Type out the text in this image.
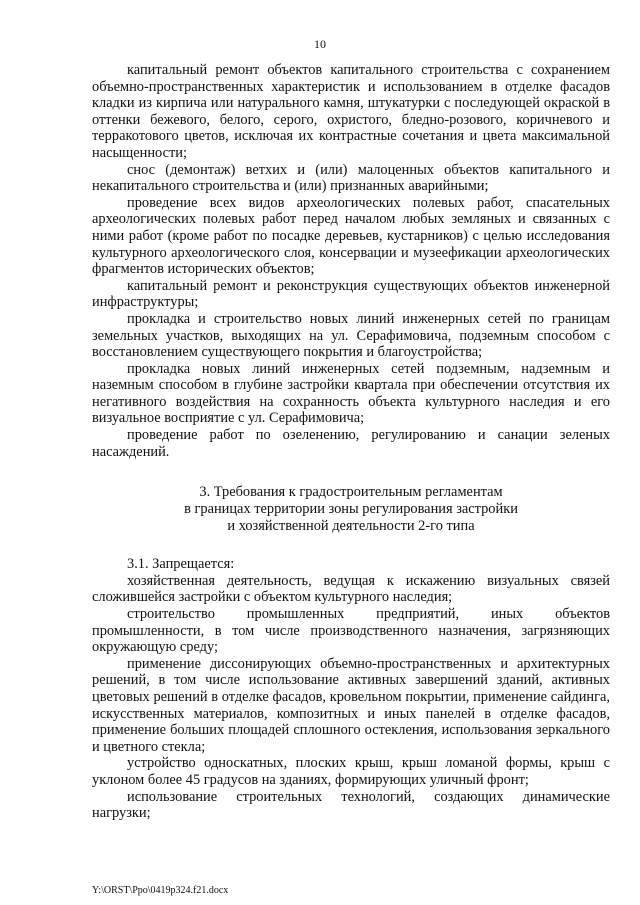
10

капитальный ремонт объектов капитального строительства с сохранением объемно-пространственных характеристик и использованием в отделке фасадов кладки из кирпича или натурального камня, штукатурки с последующей окраской в оттенки бежевого, белого, серого, охристого, бледно-розового, коричневого и терракотового цветов, исключая их контрастные сочетания и цвета максимальной насыщенности;

снос (демонтаж) ветхих и (или) малоценных объектов капитального и некапитального строительства и (или) признанных аварийными;

проведение всех видов археологических полевых работ, спасательных археологических полевых работ перед началом любых земляных и связанных с ними работ (кроме работ по посадке деревьев, кустарников) с целью исследования культурного археологического слоя, консервации и музеефикации археологических фрагментов исторических объектов;

капитальный ремонт и реконструкция существующих объектов инженерной инфраструктуры;

прокладка и строительство новых линий инженерных сетей по границам земельных участков, выходящих на ул. Серафимовича, подземным способом с восстановлением существующего покрытия и благоустройства;

прокладка новых линий инженерных сетей подземным, надземным и наземным способом в глубине застройки квартала при обеспечении отсутствия их негативного воздействия на сохранность объекта культурного наследия и его визуальное восприятие с ул. Серафимовича;

проведение работ по озеленению, регулированию и санации зеленых насаждений.

3. Требования к градостроительным регламентам
в границах территории зоны регулирования застройки
и хозяйственной деятельности 2-го типа

3.1. Запрещается:

хозяйственная деятельность, ведущая к искажению визуальных связей сложившейся застройки с объектом культурного наследия;

строительство промышленных предприятий, иных объектов промышленности, в том числе производственного назначения, загрязняющих окружающую среду;

применение диссонирующих объемно-пространственных и архитектурных решений, в том числе использование активных завершений зданий, активных цветовых решений в отделке фасадов, кровельном покрытии, применение сайдинга, искусственных материалов, композитных и иных панелей в отделке фасадов, применение больших площадей сплошного остекления, использования зеркального и цветного стекла;

устройство односкатных, плоских крыш, крыш ломаной формы, крыш с уклоном более 45 градусов на зданиях, формирующих уличный фронт;

использование строительных технологий, создающих динамические нагрузки;

Y:\ORST\Ppo\0419p324.f21.docx
